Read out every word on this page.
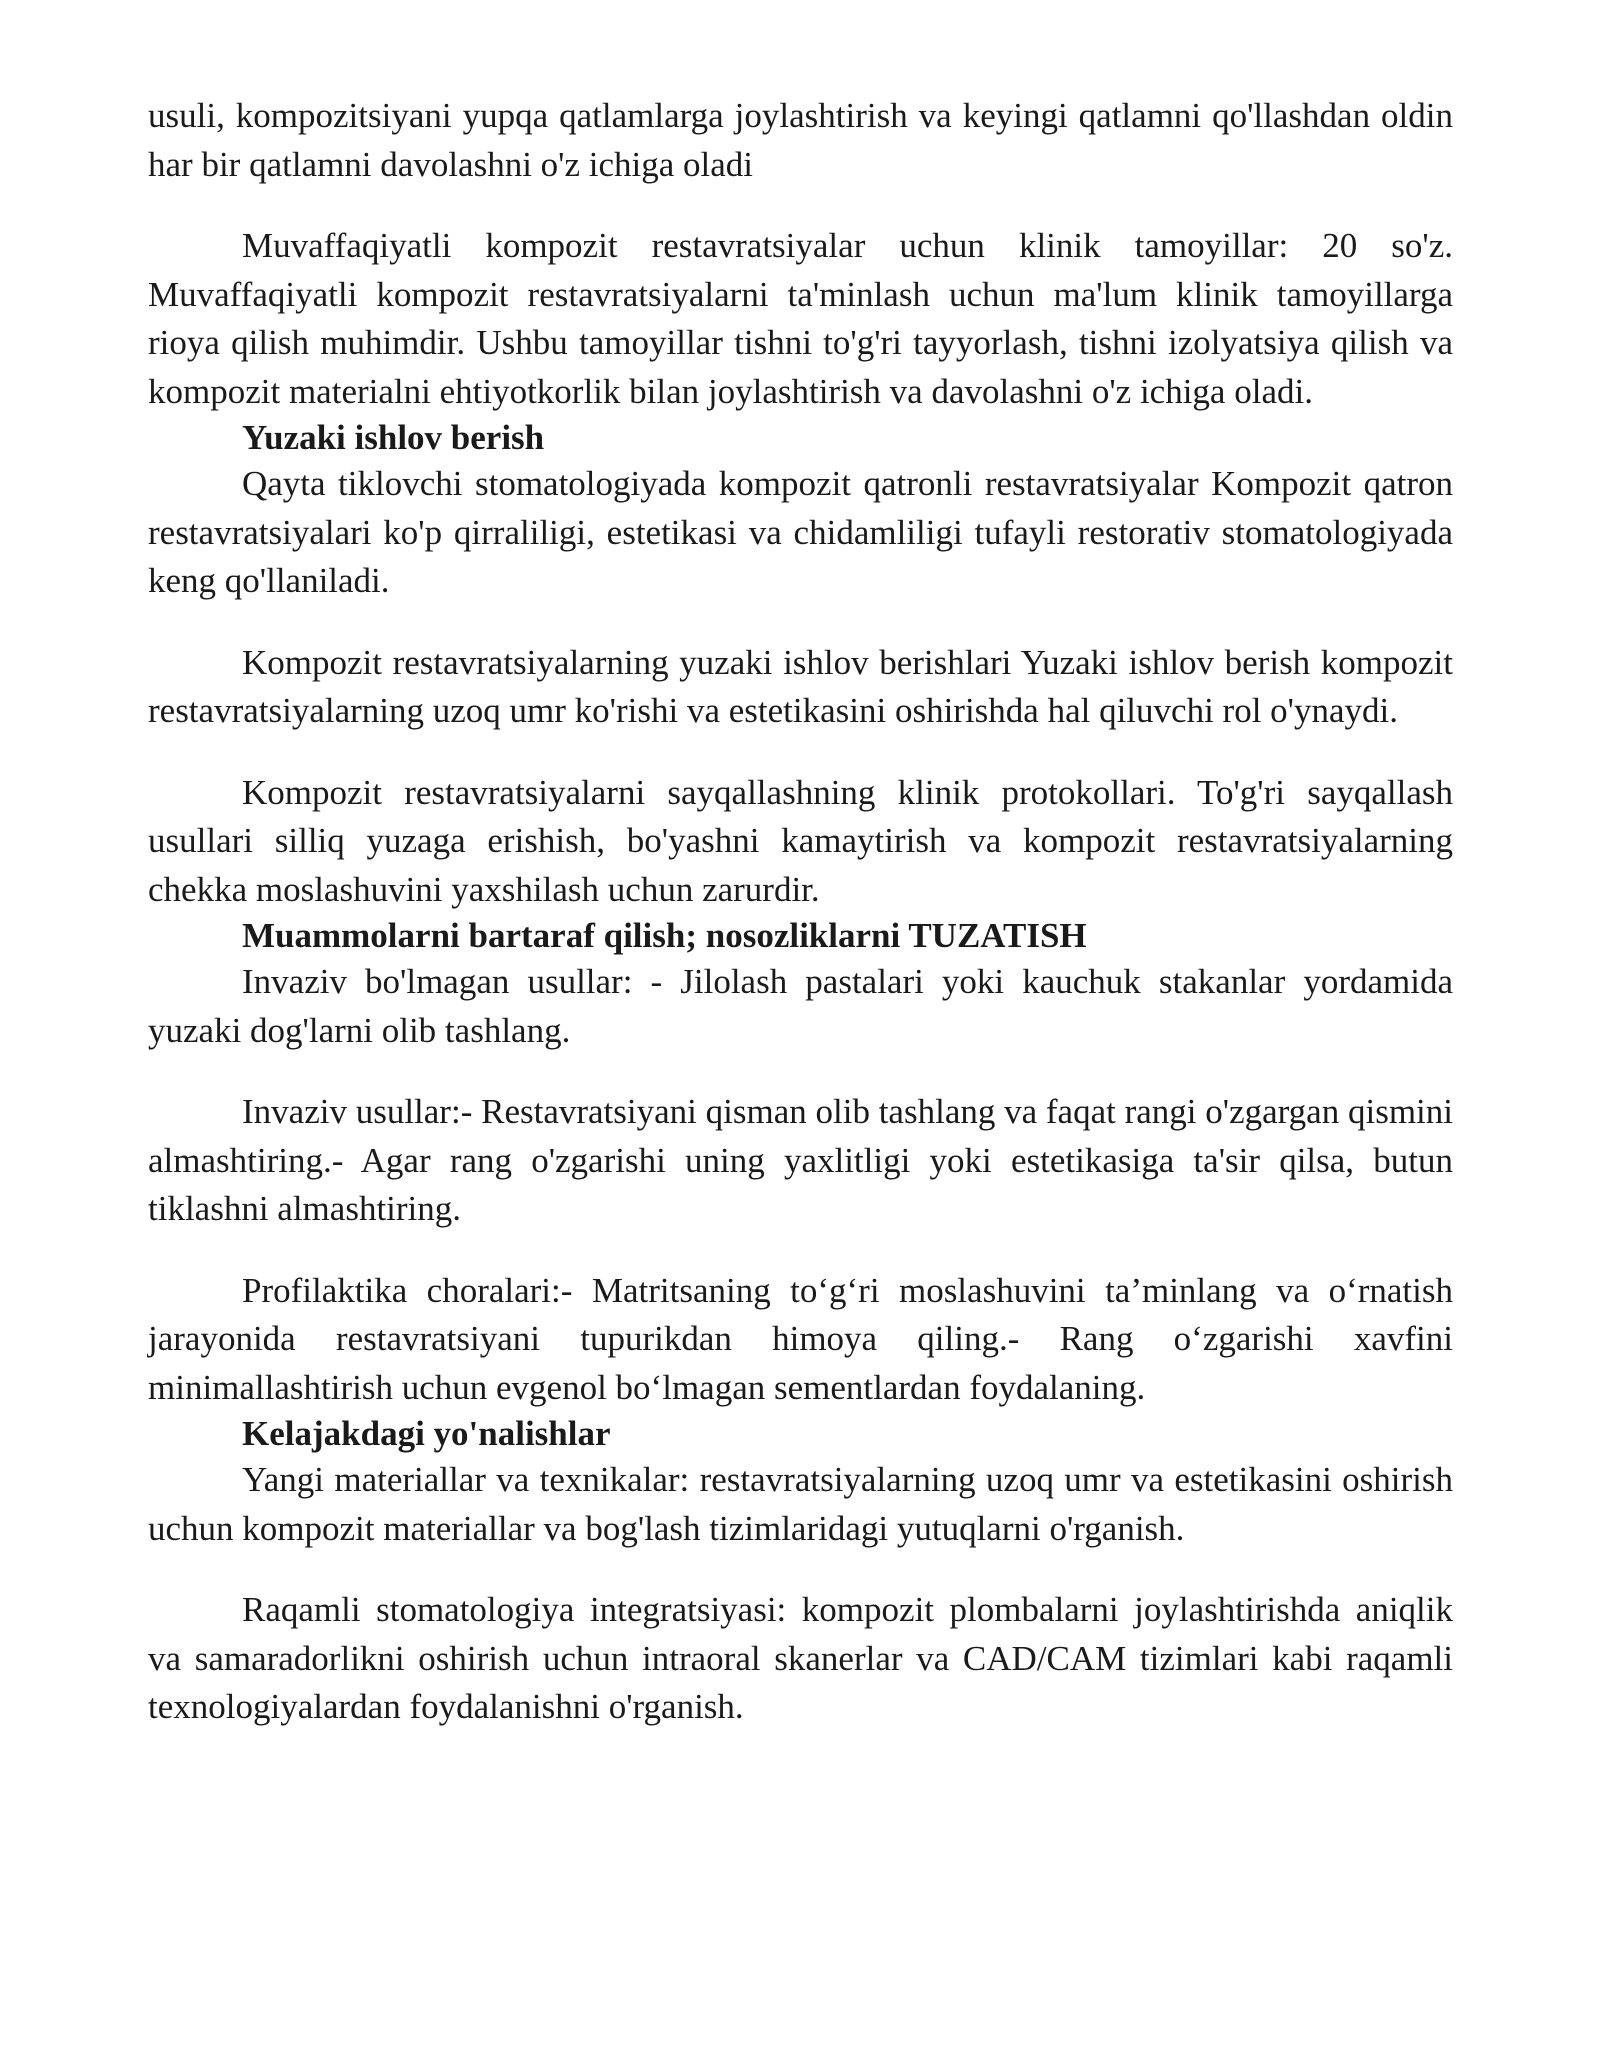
usuli, kompozitsiyani yupqa qatlamlarga joylashtirish va keyingi qatlamni qo'llashdan oldin har bir qatlamni davolashni o'z ichiga oladi

Muvaffaqiyatli kompozit restavratsiyalar uchun klinik tamoyillar: 20 so'z. Muvaffaqiyatli kompozit restavratsiyalarni ta'minlash uchun ma'lum klinik tamoyillarga rioya qilish muhimdir. Ushbu tamoyillar tishni to'g'ri tayyorlash, tishni izolyatsiya qilish va kompozit materialni ehtiyotkorlik bilan joylashtirish va davolashni o'z ichiga oladi.

Yuzaki ishlov berish

Qayta tiklovchi stomatologiyada kompozit qatronli restavratsiyalar Kompozit qatron restavratsiyalari ko'p qirraliligi, estetikasi va chidamliligi tufayli restorativ stomatologiyada keng qo'llaniladi.

Kompozit restavratsiyalarning yuzaki ishlov berishlari Yuzaki ishlov berish kompozit restavratsiyalarning uzoq umr ko'rishi va estetikasini oshirishda hal qiluvchi rol o'ynaydi.

Kompozit restavratsiyalarni sayqallashning klinik protokollari. To'g'ri sayqallash usullari silliq yuzaga erishish, bo'yashni kamaytirish va kompozit restavratsiyalarning chekka moslashuvini yaxshilash uchun zarurdir.

Muammolarni bartaraf qilish; nosozliklarni TUZATISH

Invaziv bo'lmagan usullar: - Jilolash pastalari yoki kauchuk stakanlar yordamida yuzaki dog'larni olib tashlang.

Invaziv usullar:- Restavratsiyani qisman olib tashlang va faqat rangi o'zgargan qismini almashtiring.- Agar rang o'zgarishi uning yaxlitligi yoki estetikasiga ta'sir qilsa, butun tiklashni almashtiring.

Profilaktika choralari:- Matritsaning to‘g‘ri moslashuvini ta’minlang va o‘rnatish jarayonida restavratsiyani tupurikdan himoya qiling.- Rang o‘zgarishi xavfini minimallashtirish uchun evgenol bo‘lmagan sementlardan foydalaning.

Kelajakdagi yo'nalishlar

Yangi materiallar va texnikalar: restavratsiyalarning uzoq umr va estetikasini oshirish uchun kompozit materiallar va bog'lash tizimlaridagi yutuqlarni o'rganish.

Raqamli stomatologiya integratsiyasi: kompozit plombalarni joylashtirishda aniqlik va samaradorlikni oshirish uchun intraoral skanerlar va CAD/CAM tizimlari kabi raqamli texnologiyalardan foydalanishni o'rganish.
